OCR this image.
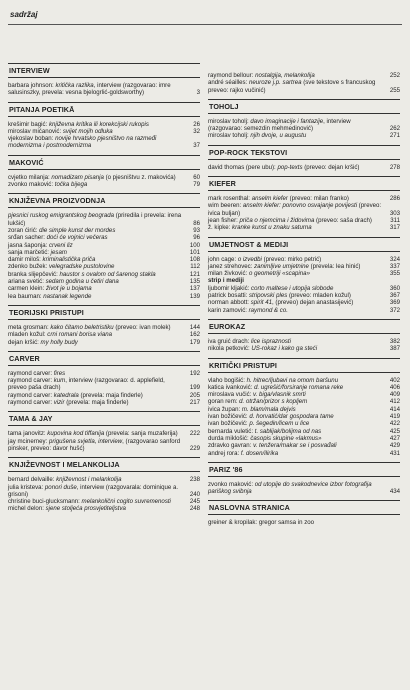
sadržaj
INTERVIEW
barbara johnson: kritička razlika, interview (razgovarao: imre salusinszky, prevela: vesna bjelogrlić-goldsworthy)	3
PITANJA POETIKĀ
krešimir bagić: književna kritika ili korekcijski rukopis	26
miroslav mićanović: svijet mojih odluka	32
vjekoslav boban: novije hrvatsko pjesništvo na razmeđi modernizma i postmodernizma	37
MAKOVIĆ
cvjetko milanja: nomadizam pisanja (o pjesništvu z. makovića)	60
zvonko maković: točka bijega	79
KNJIŽEVNA PROIZVODNJA
pjesnici ruskog emigrantskog beograda (priredila i prevela: irena lukšić)	86
zoran ćirić: die simple kunst der mordes	93
srđan sacher: doći će vojnici večeras	96
jasna šaponja: crveni liz	100
sanja marčetić: jesam	101
damir miloš: kriminalistička priča	108
zdenko bužek: velegradske pustolovine	112
branka slijepčević: haustor s ovalom od šarenog stakla	121
ariana svetić: sedam godina u četiri dana	135
carmen klein: život je u bojama	137
lea bauman: nastanak legende	139
TEORIJSKI PRISTUPI
meta grosman: kako čitamo beletristiku (preveo: ivan molek)	144
mladen kožul: crni romani borisa viana	162
dejan kršić: my holly budy	179
CARVER
raymond carver: fires	192
raymond carver: kum, interview (razgovarao: d. applefield, preveo paša drach)	199
raymond carver: katedrala (prevela: maja finderle)	205
raymond carver: vizir (prevela: maja finderle)	217
TAMA & JAY
tama janovitz: kupovina kod tiffanija (prevela: sanja muzaferija)	222
jay mcinerney: prigušena svjetla, interview, (razgovarao sanford pinsker, preveo: davor hušć)	229
KNJIŽEVNOST I MELANKOLIJA
bernard delvaille: književnost i melankolija	238
julia kristeva: ponori duše, interview (razgovarala: dominique a. grisoni)	240
christine buci-glucksmann: melankolični cogito suvremenosti	245
michel delon: sjene stoljeća prosvjetiteljstva	248
raymond bellour: nostalgija, melankolija	252
andré séailles: neuroze j.p. sartrea (sve tekstove s francuskog preveo: rajko vučinić)	255
TOHOLJ
miroslav toholj: davo imaginacije i fantazije, interview (razgovarao: semezdin mehmedinović)	262
miroslav toholj: njih dvoje, u augustu	271
POP-ROCK TEKSTOVI
david thomas (pere ubu): pop-texts (preveo: dejan kršić)	278
KIEFER
mark rosenthal: anselm kiefer (preveo: milan franko)	286
wim beeren: anselm kiefer: ponovno osvajanje povijesti (preveo: ivica buljan)	303
jean fisher: priča o njemcima i židovima (preveo: saša drach)	311
ž. kipke: kranke kunst u znaku saturna	317
UMJETNOST & MEDIJI
john cage: o izvedbi (preveo: mirko petrić)	324
janez strehovec: zanimljive umjetnine (prevela: lea hinić)	337
milan živković: o geometriji «scapina»	355
strip i mediji
ljubomir kljakić: corto maltese i utopija slobode	360
patrick bosatti: stripovski ples (preveo: mladen kožul)	367
norman abbott: spirit 41, (preveo) dejan anastasijević)	369
karin zamović: raymond & co.	372
EUROKAZ
iva gruić drach: lice ispraznosti	382
nikola petković: US-rokaz i kako ga steći	387
KRITIČKI PRISTUPI
vlaho bogišić: h. hitrec/ljubavi na omom baršunu	402
katica ivanković: d. ugrešić/forsiranje romana reke	406
miroslava vučić: v. biga/vlasnik smrti	409
goran rem: d. otržan/prizor s kopljem	412
ivica župan: m. blam/mala dejvis	414
ivan božičević: d. horvatić/dar gospodara tame	419
ivan božičević: p. šegedin/licem u lice	422
bernarda vuletić: t. sablijak/bolijma od nas	425
durda miklošić: časopis skupine «lakmus»	427
zdravko gavran: v. tenžera/makar se i posvađali	429
andrej rora: f. dosen/ilirika	431
PARIZ '86
zvonko maković: od utopije do svakodnevice izbor fotografija pariškog svibnja	434
NASLOVNA STRANICA
greiner & kropilak: gregor samsa in zoo
